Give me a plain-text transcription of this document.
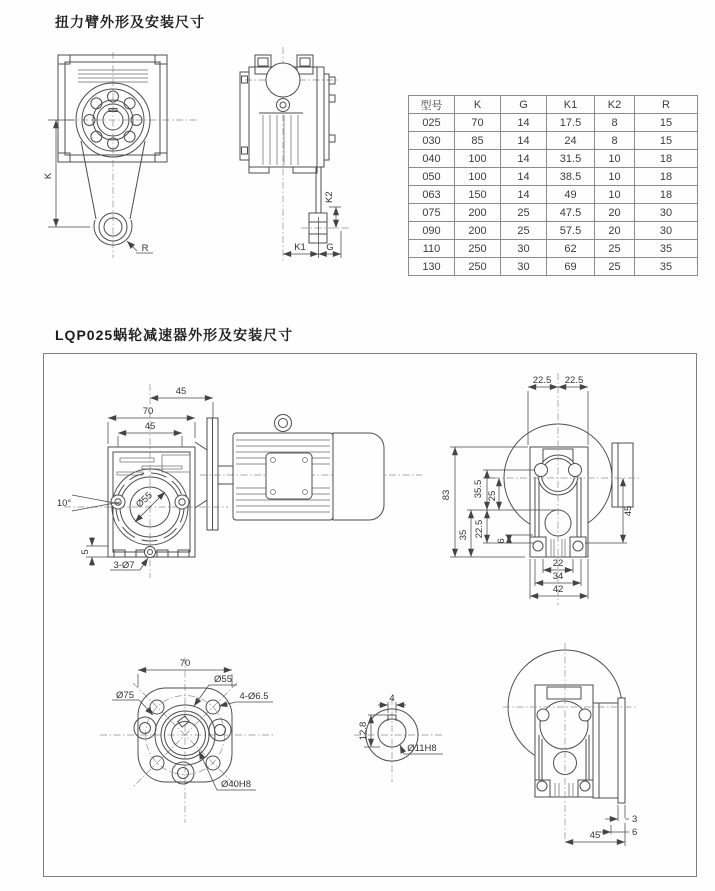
扭力臂外形及安装尺寸
LQP025蜗轮减速器外形及安装尺寸
型号	K	G	K1	K2	R
025	70	14	17.5	8	15
030	85	14	24	8	15
040	100	14	31.5	10	18
050	100	14	38.5	10	18
063	150	14	49	10	18
075	200	25	47.5	20	30
090	200	25	57.5	20	30
110	250	30	62	25	35
130	250	30	69	25	35
K
R
K2
K1 G
Ø55
45
70
45
10°
5
3-Ø7
22.5 22.5
83 35.5 25
35 22.5
6
45
22
34
42
70
Ø75
Ø55
4-Ø6.5
Ø40H8
4
12.8
Ø11H8
3
6
45
